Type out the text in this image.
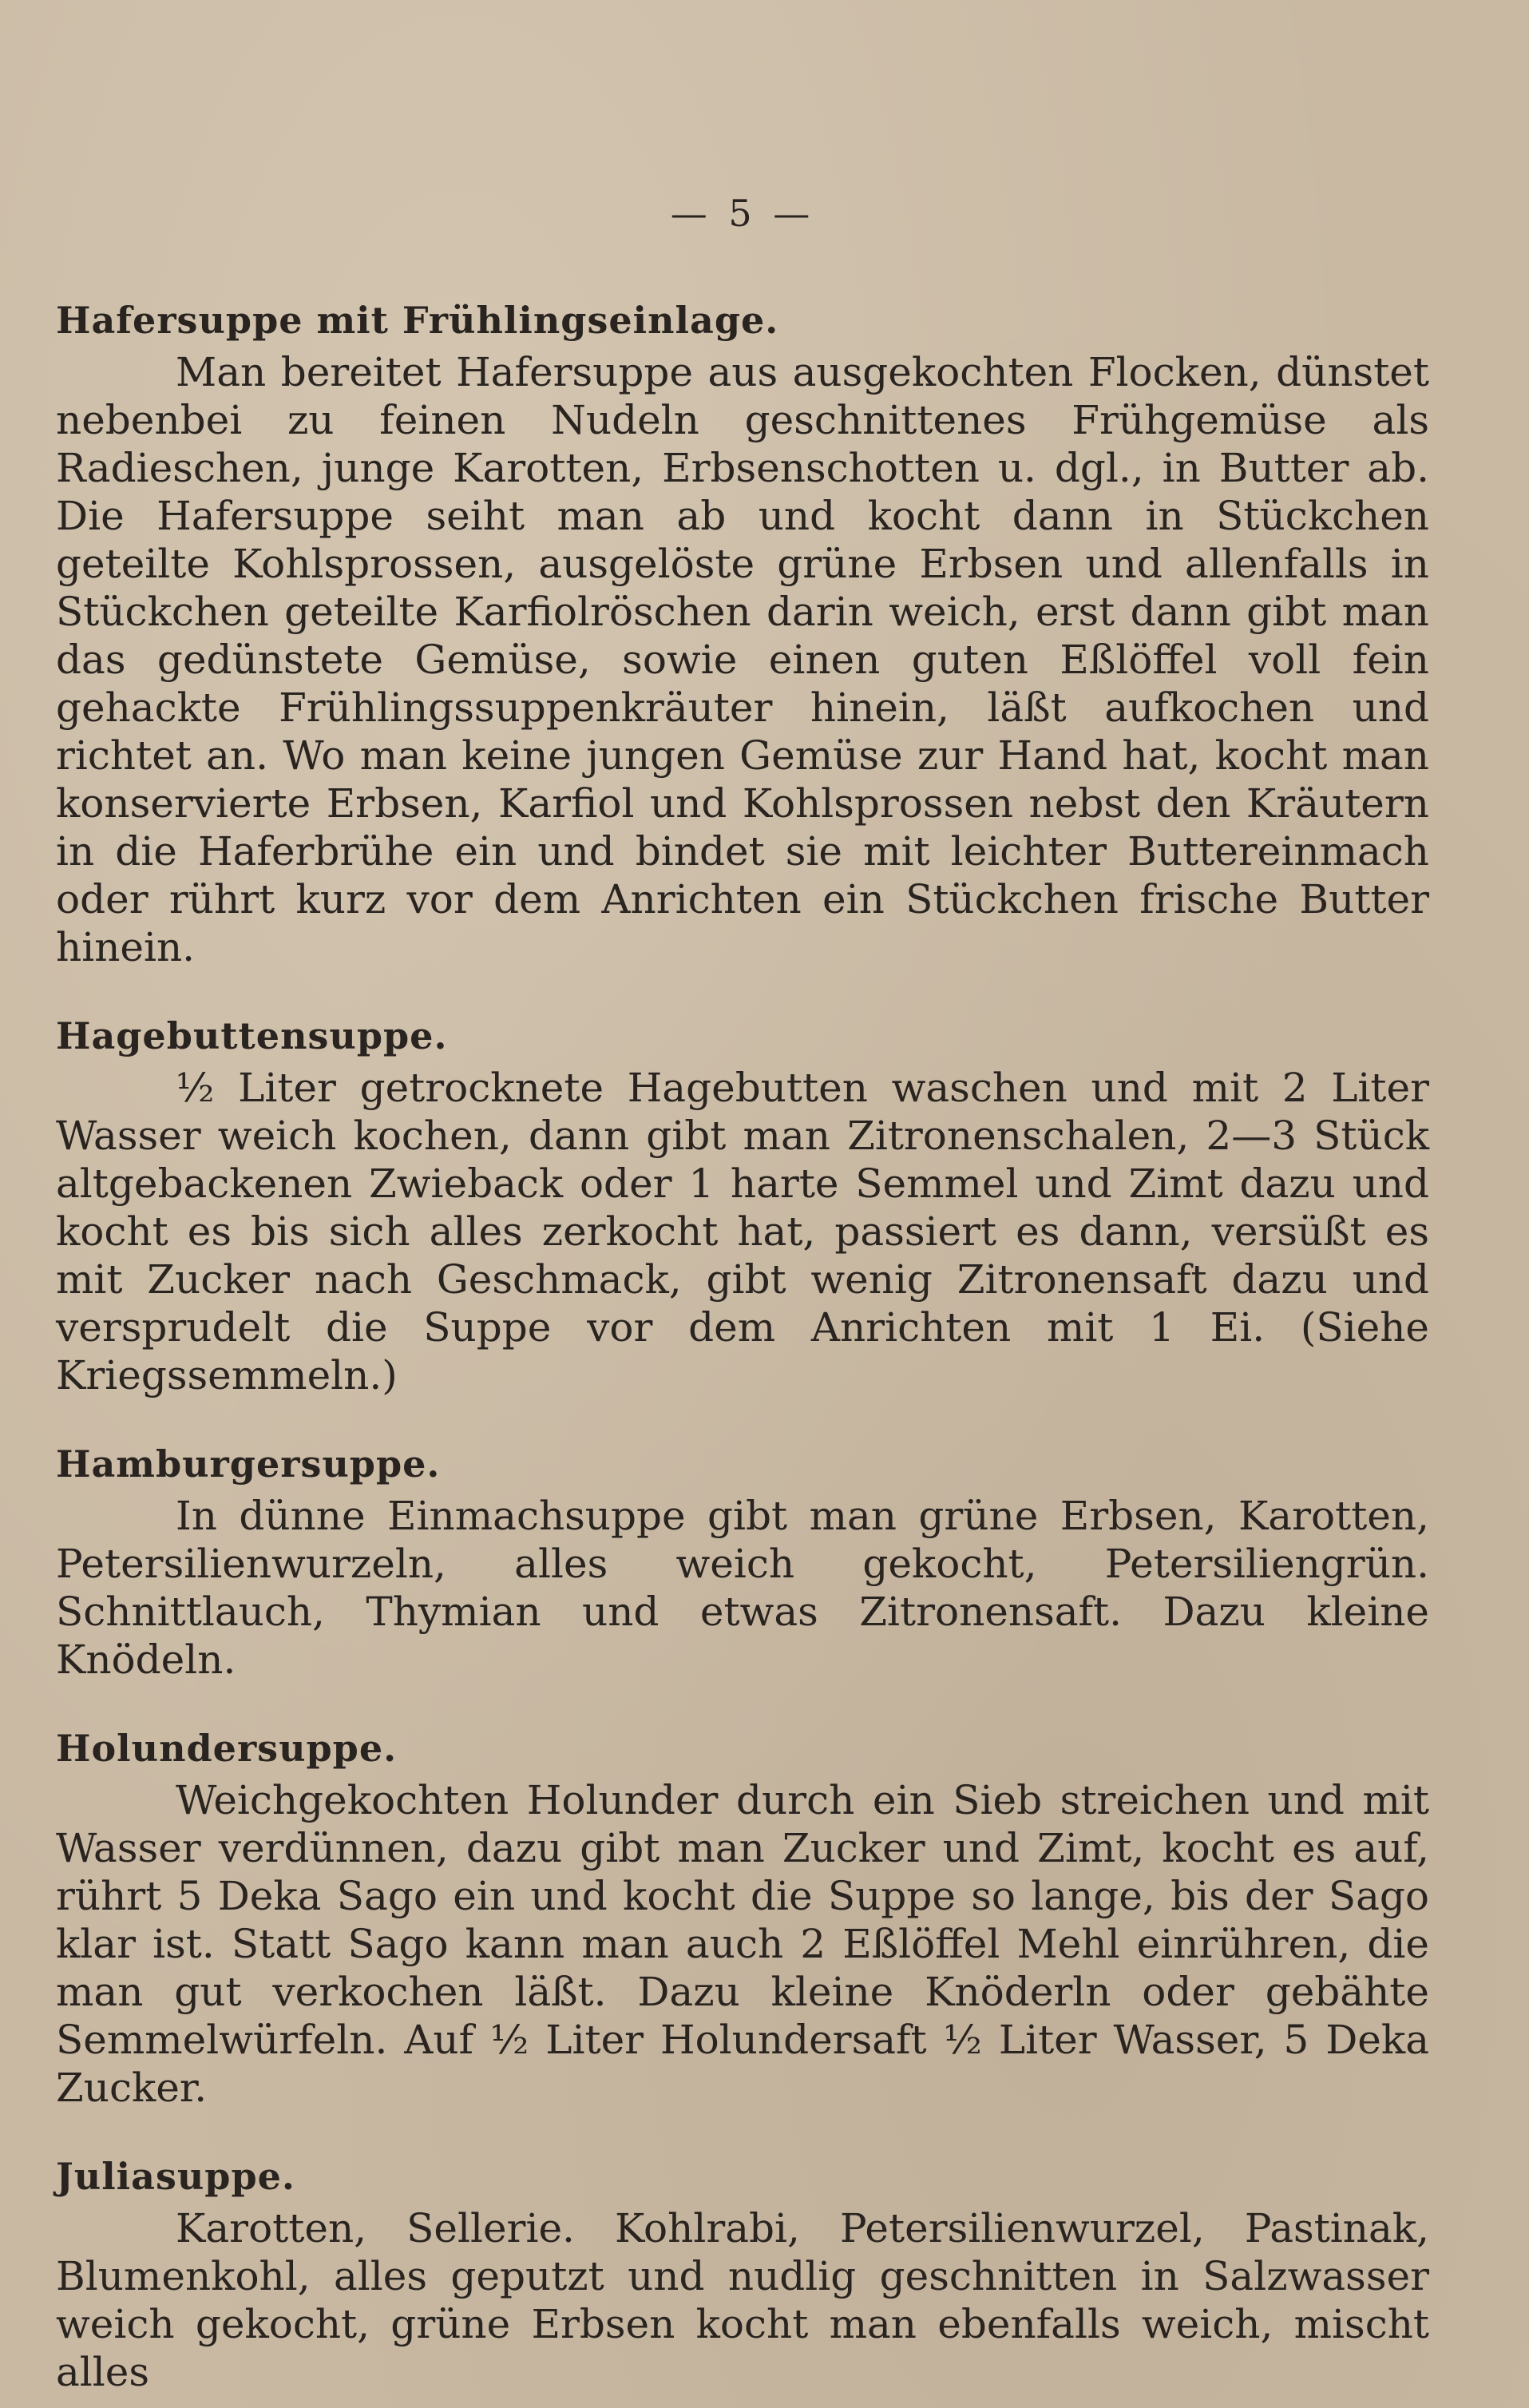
— 5 —

Hafersuppe mit Frühlingseinlage.

Man bereitet Hafersuppe aus ausgekochten Flocken, dünstet nebenbei zu feinen Nudeln geschnittenes Frühgemüse als Radieschen, junge Karotten, Erbsenschotten u. dgl., in Butter ab. Die Hafersuppe seiht man ab und kocht dann in Stückchen geteilte Kohlsprossen, ausgelöste grüne Erbsen und allenfalls in Stückchen geteilte Karfiolröschen darin weich, erst dann gibt man das gedünstete Gemüse, sowie einen guten Eßlöffel voll fein gehackte Frühlingssuppenkräuter hinein, läßt aufkochen und richtet an. Wo man keine jungen Gemüse zur Hand hat, kocht man konservierte Erbsen, Karfiol und Kohlsprossen nebst den Kräutern in die Haferbrühe ein und bindet sie mit leichter Buttereinmach oder rührt kurz vor dem Anrichten ein Stückchen frische Butter hinein.

Hagebuttensuppe.

½ Liter getrocknete Hagebutten waschen und mit 2 Liter Wasser weich kochen, dann gibt man Zitronenschalen, 2—3 Stück altgebackenen Zwieback oder 1 harte Semmel und Zimt dazu und kocht es bis sich alles zerkocht hat, passiert es dann, versüßt es mit Zucker nach Geschmack, gibt wenig Zitronensaft dazu und versprudelt die Suppe vor dem Anrichten mit 1 Ei. (Siehe Kriegssemmeln.)

Hamburgersuppe.

In dünne Einmachsuppe gibt man grüne Erbsen, Karotten, Petersilienwurzeln, alles weich gekocht, Petersiliengrün. Schnittlauch, Thymian und etwas Zitronensaft. Dazu kleine Knödeln.

Holundersuppe.

Weichgekochten Holunder durch ein Sieb streichen und mit Wasser verdünnen, dazu gibt man Zucker und Zimt, kocht es auf, rührt 5 Deka Sago ein und kocht die Suppe so lange, bis der Sago klar ist. Statt Sago kann man auch 2 Eßlöffel Mehl einrühren, die man gut verkochen läßt. Dazu kleine Knöderln oder gebähte Semmelwürfeln. Auf ½ Liter Holundersaft ½ Liter Wasser, 5 Deka Zucker.

Juliasuppe.

Karotten, Sellerie. Kohlrabi, Petersilienwurzel, Pastinak, Blumenkohl, alles geputzt und nudlig geschnitten in Salzwasser weich gekocht, grüne Erbsen kocht man ebenfalls weich, mischt alles
